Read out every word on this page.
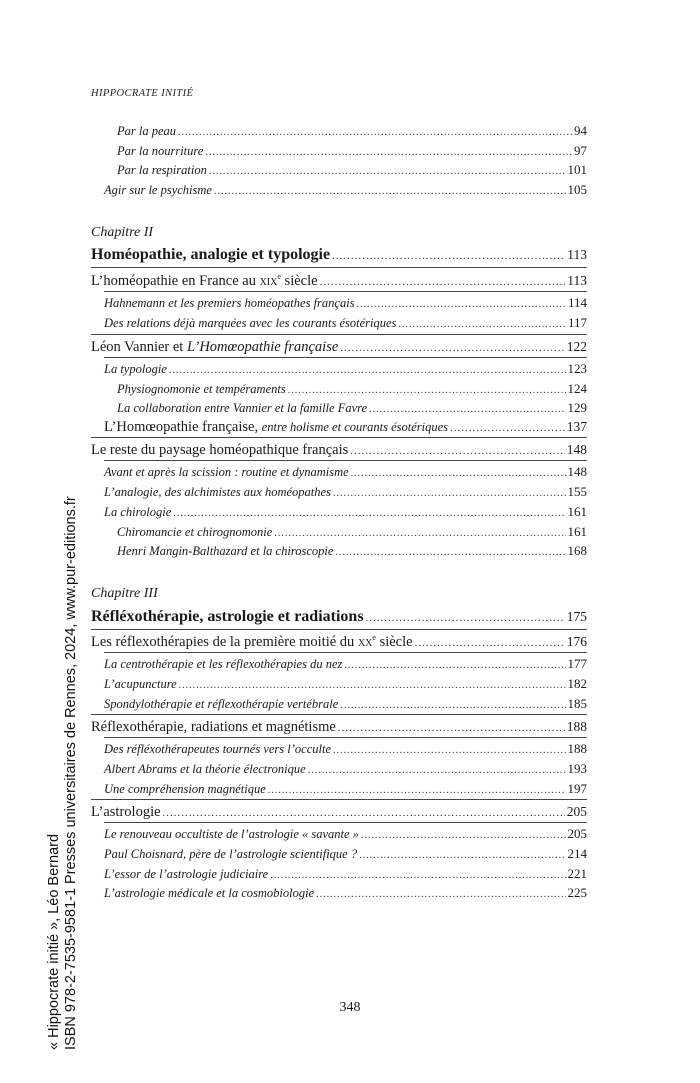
HIPPOCRATE INITIÉ
Par la peau .....	94
Par la nourriture .....	97
Par la respiration .....	101
Agir sur le psychisme .....	105
Chapitre II
Homéopathie, analogie et typologie .....	113
L’homéopathie en France au xix$^e$ siècle .....	113
Hahnemann et les premiers homéopathes français .....	114
Des relations déjà marquées avec les courants ésotériques .....	117
Léon Vannier et L’Homœopathie française .....	122
La typologie .....	123
Physiognomonie et tempéraments .....	124
La collaboration entre Vannier et la famille Favre .....	129
L’Homœopathie française, entre holisme et courants ésotériques .....	137
Le reste du paysage homéopathique français .....	148
Avant et après la scission : routine et dynamisme .....	148
L’analogie, des alchimistes aux homéopathes .....	155
La chirologie .....	161
Chiromancie et chirognomonie .....	161
Henri Mangin-Balthazard et la chiroscopie .....	168
Chapitre III
Réfléxothérapie, astrologie et radiations .....	175
Les réflexothérapies de la première moitié du $xx^e$ siècle .....	176
La centrothérapie et les réflexothérapies du nez .....	177
L’acupuncture .....	182
Spondylothérapie et réflexothérapie vertébrale .....	185
Réflexothérapie, radiations et magnétisme .....	188
Des réfléxothérapeutes tournés vers l’occulte .....	188
Albert Abrams et la théorie électronique .....	193
Une compréhension magnétique .....	197
L’astrologie .....	205
Le renouveau occultiste de l’astrologie « savante » .....	205
Paul Choisnard, père de l’astrologie scientifique ? .....	214
L’essor de l’astrologie judiciaire .....	221
L’astrologie médicale et la cosmobiologie .....	225
348
« Hippocrate initié », Léo Bernard ISBN 978-2-7535-9581-1 Presses universitaires de Rennes, 2024, www.pur-editions.fr
